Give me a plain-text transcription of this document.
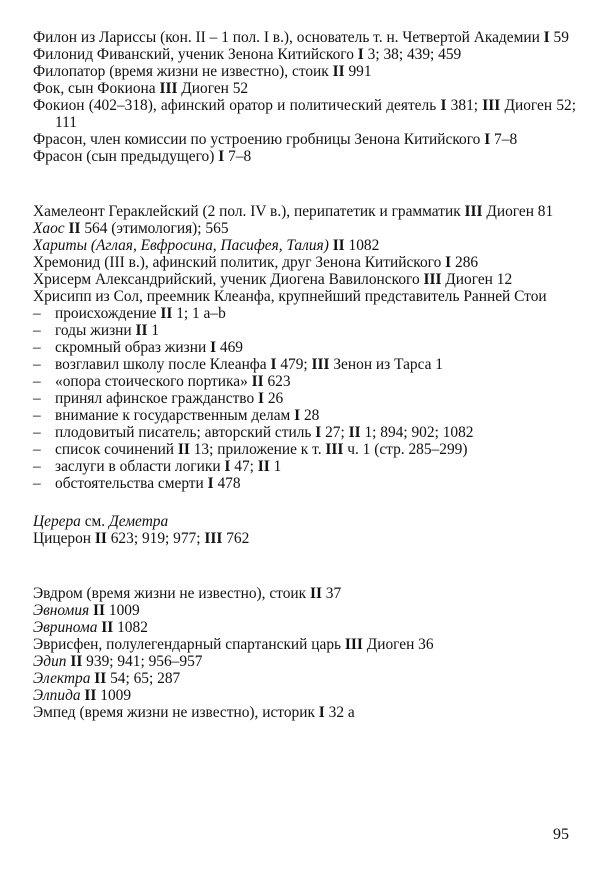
Филон из Лариссы (кон. II – 1 пол. I в.), основатель т. н. Четвертой Академии I 59
Филонид Фиванский, ученик Зенона Китийского I 3; 38; 439; 459
Филопатор (время жизни не известно), стоик II 991
Фок, сын Фокиона III Диоген 52
Фокион (402–318), афинский оратор и политический деятель I 381; III Диоген 52; 111
Фрасон, член комиссии по устроению гробницы Зенона Китийского I 7–8
Фрасон (сын предыдущего) I 7–8
Хамелеонт Гераклейский (2 пол. IV в.), перипатетик и грамматик III Диоген 81
Хаос II 564 (этимология); 565
Хариты (Аглая, Евфросина, Пасифея, Талия) II 1082
Хремонид (III в.), афинский политик, друг Зенона Китийского I 286
Хрисерм Александрийский, ученик Диогена Вавилонского III Диоген 12
Хрисипп из Сол, преемник Клеанфа, крупнейший представитель Ранней Стои
– происхождение II 1; 1 a–b
– годы жизни II 1
– скромный образ жизни I 469
– возглавил школу после Клеанфа I 479; III Зенон из Тарса 1
– «опора стоического портика» II 623
– принял афинское гражданство I 26
– внимание к государственным делам I 28
– плодовитый писатель; авторский стиль I 27; II 1; 894; 902; 1082
– список сочинений II 13; приложение к т. III ч. 1 (стр. 285–299)
– заслуги в области логики I 47; II 1
– обстоятельства смерти I 478
Церера см. Деметра
Цицерон II 623; 919; 977; III 762
Эвдром (время жизни не известно), стоик II 37
Эвномия II 1009
Эвринома II 1082
Эврисфен, полулегендарный спартанский царь III Диоген 36
Эдип II 939; 941; 956–957
Электра II 54; 65; 287
Элпида II 1009
Эмпед (время жизни не известно), историк I 32 a
95
